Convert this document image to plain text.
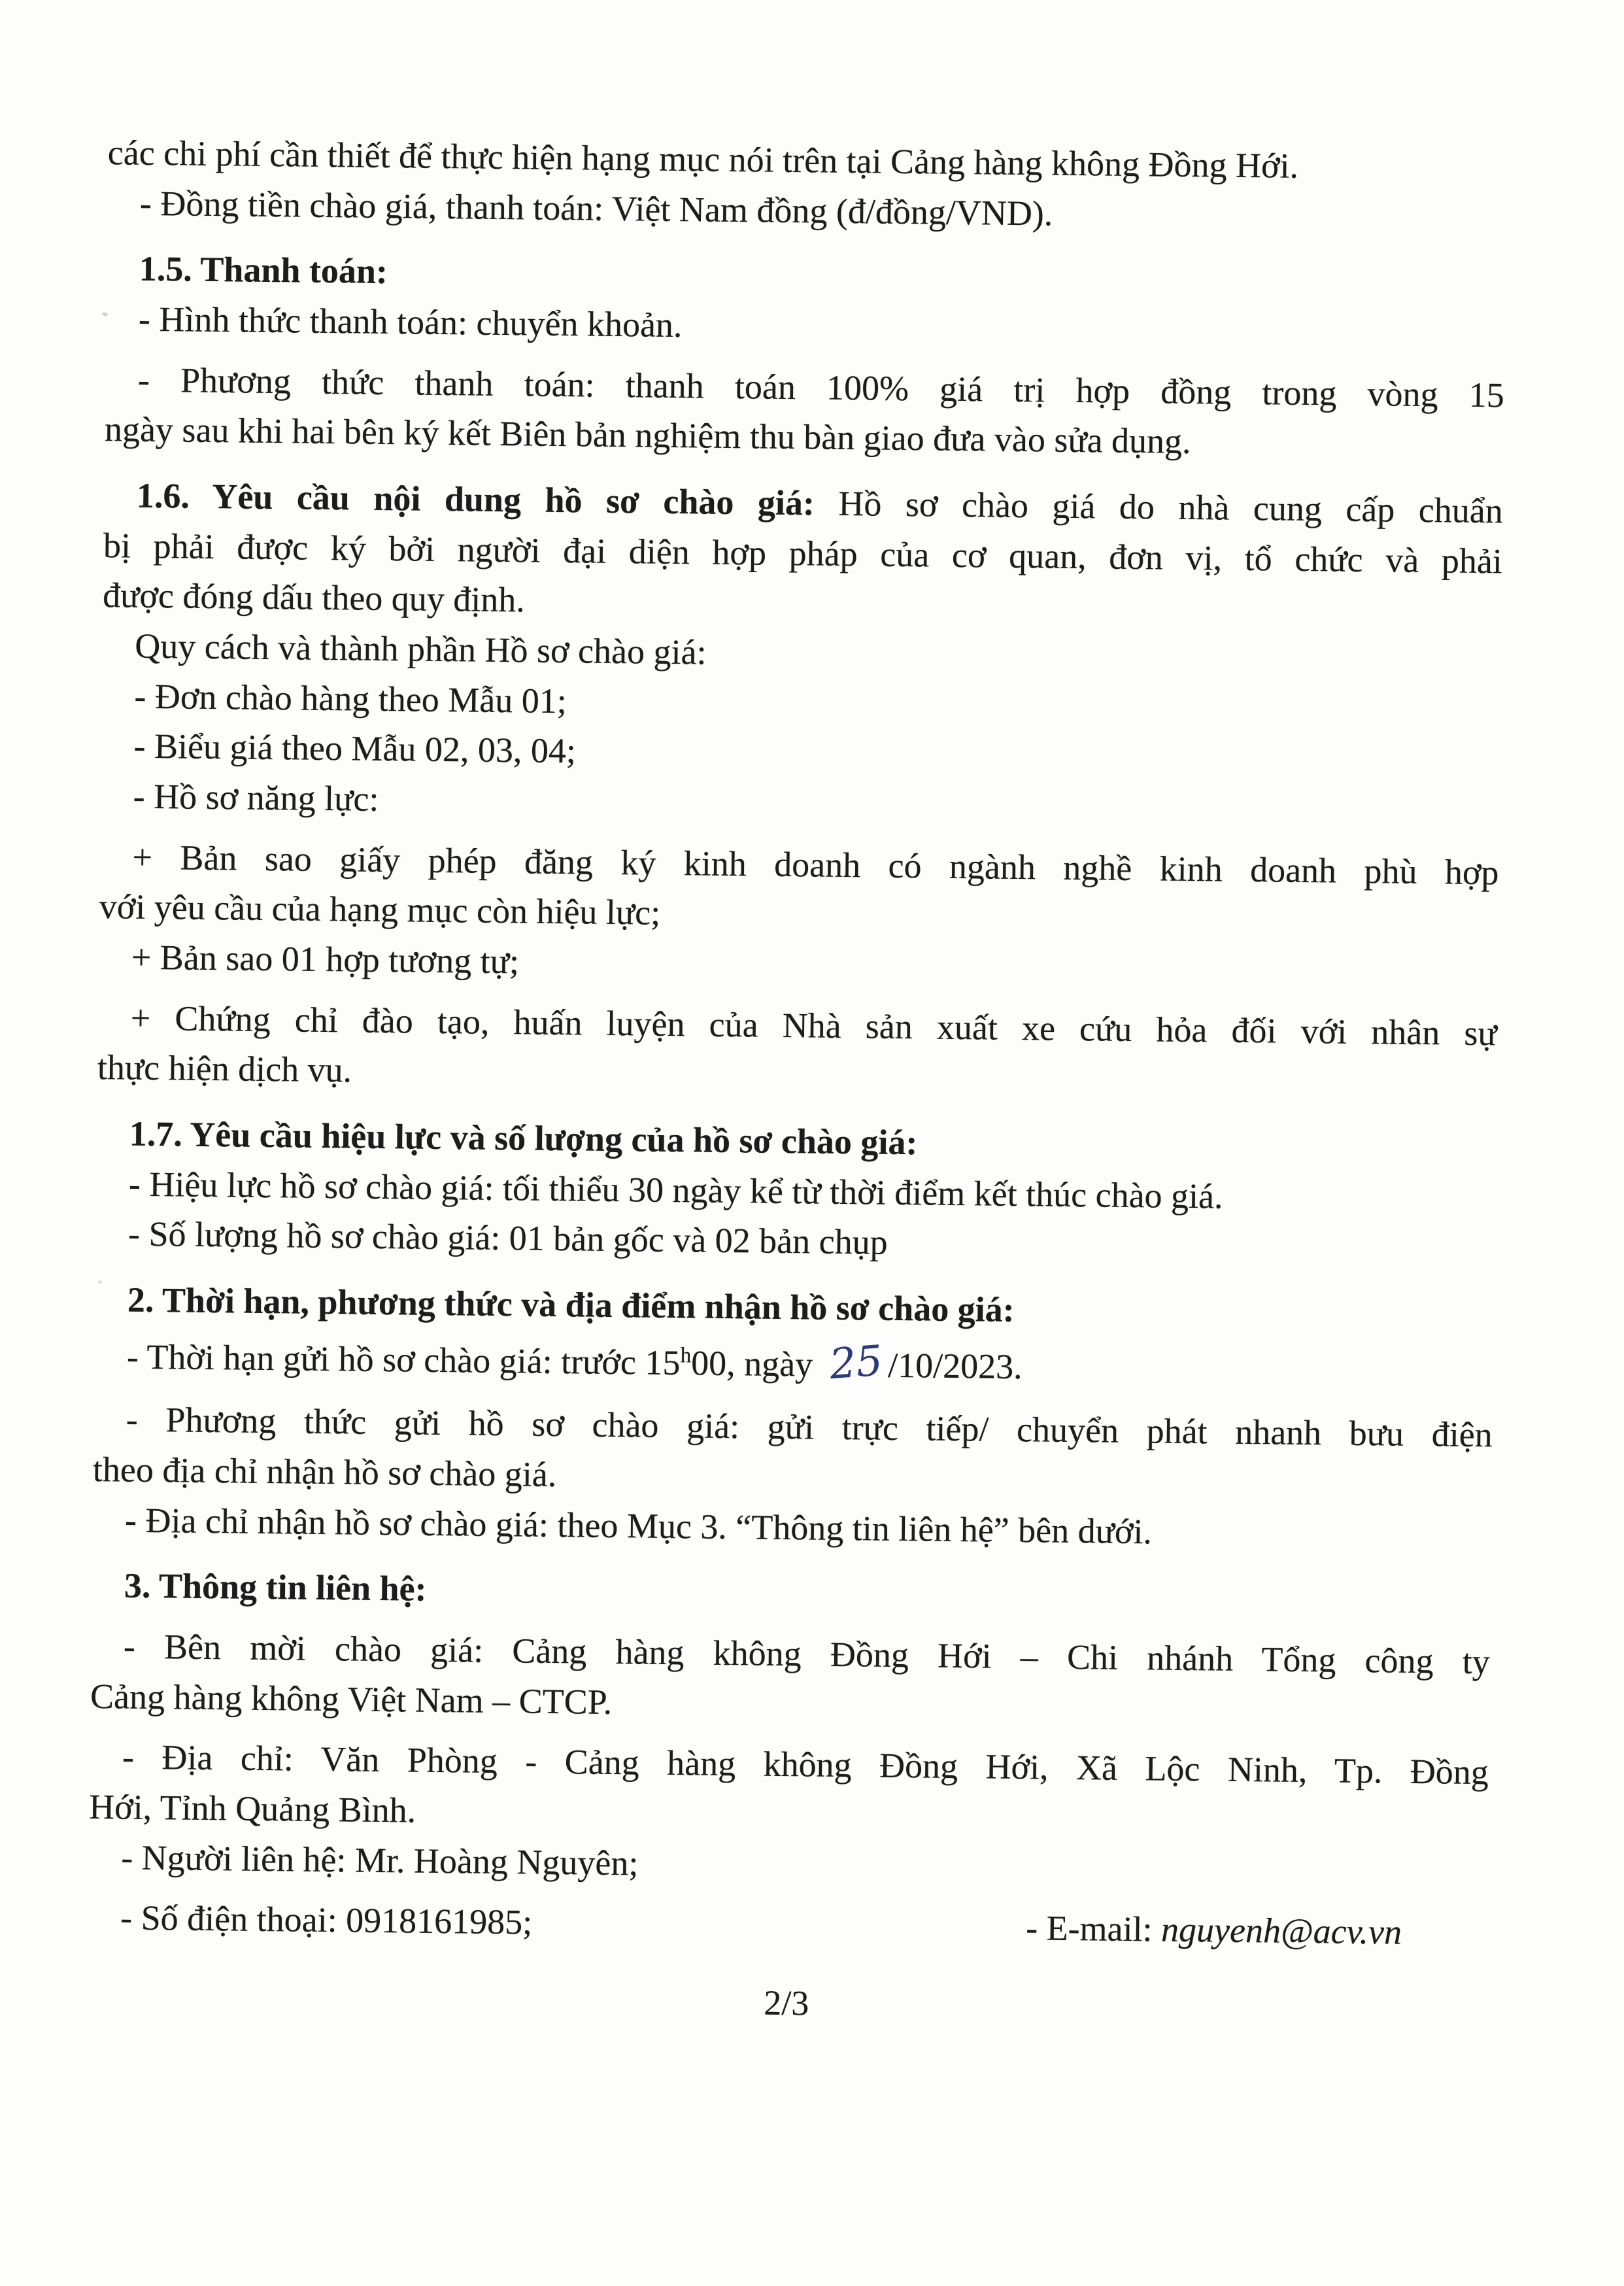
các chi phí cần thiết để thực hiện hạng mục nói trên tại Cảng hàng không Đồng Hới.

- Đồng tiền chào giá, thanh toán: Việt Nam đồng (đ/đồng/VND).

1.5. Thanh toán:

- Hình thức thanh toán: chuyển khoản.

- Phương thức thanh toán: thanh toán 100% giá trị hợp đồng trong vòng 15

ngày sau khi hai bên ký kết Biên bản nghiệm thu bàn giao đưa vào sửa dụng.

1.6. Yêu cầu nội dung hồ sơ chào giá: Hồ sơ chào giá do nhà cung cấp chuẩn

bị phải được ký bởi người đại diện hợp pháp của cơ quan, đơn vị, tổ chức và phải

được đóng dấu theo quy định.

Quy cách và thành phần Hồ sơ chào giá:

- Đơn chào hàng theo Mẫu 01;

- Biểu giá theo Mẫu 02, 03, 04;

- Hồ sơ năng lực:

+ Bản sao giấy phép đăng ký kinh doanh có ngành nghề kinh doanh phù hợp

với yêu cầu của hạng mục còn hiệu lực;

+ Bản sao 01 hợp tương tự;

+ Chứng chỉ đào tạo, huấn luyện của Nhà sản xuất xe cứu hỏa đối với nhân sự

thực hiện dịch vụ.

1.7. Yêu cầu hiệu lực và số lượng của hồ sơ chào giá:

- Hiệu lực hồ sơ chào giá: tối thiểu 30 ngày kể từ thời điểm kết thúc chào giá.

- Số lượng hồ sơ chào giá: 01 bản gốc và 02 bản chụp

2. Thời hạn, phương thức và địa điểm nhận hồ sơ chào giá:

- Thời hạn gửi hồ sơ chào giá: trước 15$^h$00, ngày 25/10/2023.

- Phương thức gửi hồ sơ chào giá: gửi trực tiếp/ chuyển phát nhanh bưu điện

theo địa chỉ nhận hồ sơ chào giá.

- Địa chỉ nhận hồ sơ chào giá: theo Mục 3. “Thông tin liên hệ” bên dưới.

3. Thông tin liên hệ:

- Bên mời chào giá: Cảng hàng không Đồng Hới – Chi nhánh Tổng công ty

Cảng hàng không Việt Nam – CTCP.

- Địa chỉ: Văn Phòng - Cảng hàng không Đồng Hới, Xã Lộc Ninh, Tp. Đồng

Hới, Tỉnh Quảng Bình.

- Người liên hệ: Mr. Hoàng Nguyên;

- Số điện thoại: 0918161985;	- E-mail: nguyenh@acv.vn

2/3
